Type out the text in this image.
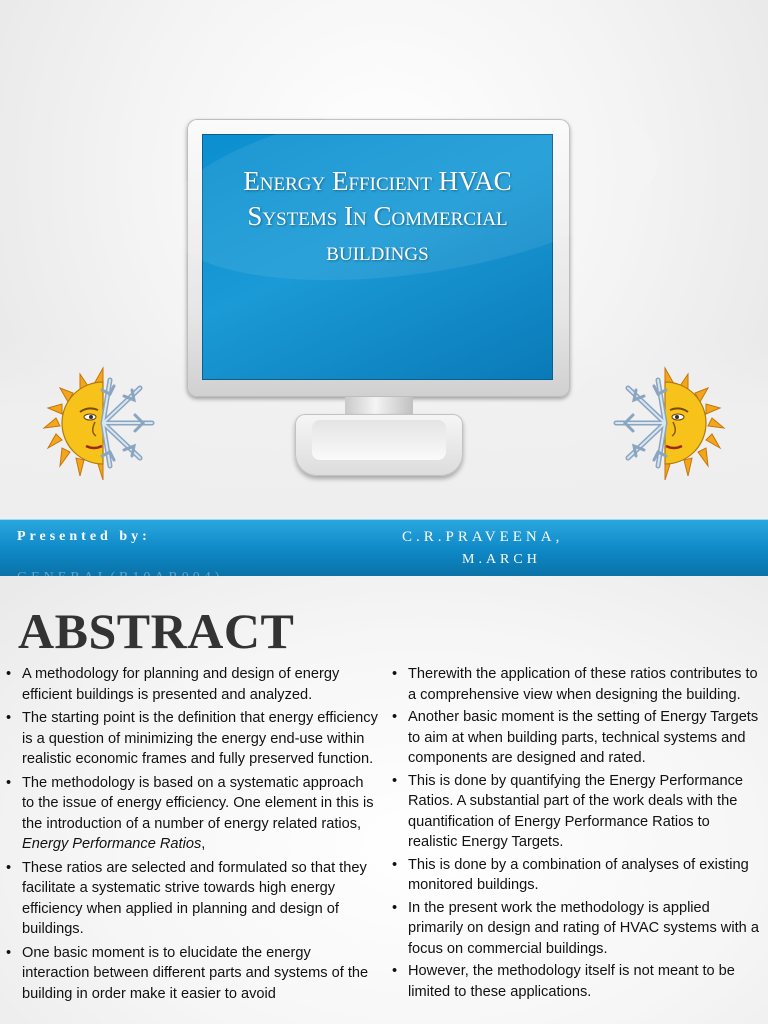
Energy Efficient HVAC Systems In Commercial buildings
Presented by:	C.R.PRAVEENA,
M.ARCH
ABSTRACT
• A methodology for planning and design of energy efficient buildings is presented and analyzed.
• The starting point is the definition that energy efficiency is a question of minimizing the energy end-use within realistic economic frames and fully preserved function.
• The methodology is based on a systematic approach to the issue of energy efficiency. One element in this is the introduction of a number of energy related ratios, Energy Performance Ratios,
• These ratios are selected and formulated so that they facilitate a systematic strive towards high energy efficiency when applied in planning and design of buildings.
• One basic moment is to elucidate the energy interaction between different parts and systems of the building in order make it easier to avoid
• Therewith the application of these ratios contributes to a comprehensive view when designing the building.
• Another basic moment is the setting of Energy Targets to aim at when building parts, technical systems and components are designed and rated.
• This is done by quantifying the Energy Performance Ratios. A substantial part of the work deals with the quantification of Energy Performance Ratios to realistic Energy Targets.
• This is done by a combination of analyses of existing monitored buildings.
• In the present work the methodology is applied primarily on design and rating of HVAC systems with a focus on commercial buildings.
• However, the methodology itself is not meant to be limited to these applications.
